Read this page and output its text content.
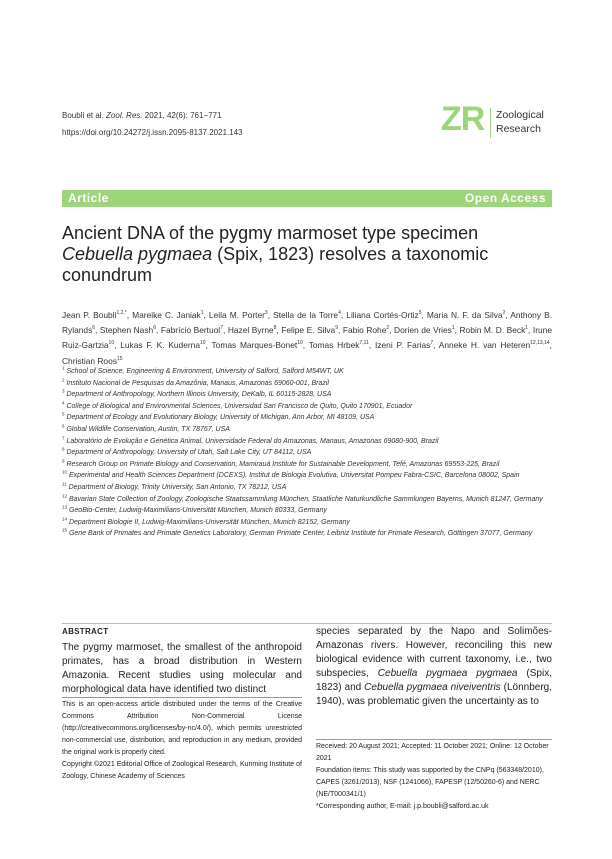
Boubli et al. Zool. Res. 2021, 42(6): 761−771
https://doi.org/10.24272/j.issn.2095-8137.2021.143	ZR Zoological
Research
Article	Open Access
Ancient DNA of the pygmy marmoset type specimen
Cebuella pygmaea (Spix, 1823) resolves a taxonomic
conundrum
Jean P. Boubli$^{1,2,*}$, Mareike C. Janiak$^1$, Leila M. Porter$^3$, Stella de la Torre$^4$, Liliana Cortés-Ortiz$^5$, Maria N. F. da Silva$^2$, Anthony B. Rylands$^6$, Stephen Nash$^6$, Fabrício Bertuol$^7$, Hazel Byrne$^8$, Felipe E. Silva$^9$, Fabio Rohe$^2$, Dorien de Vries$^1$, Robin M. D. Beck$^1$, Irune Ruiz-Gartzia$^{10}$, Lukas F. K. Kuderna$^{10}$, Tomas Marques-Bonet$^{10}$, Tomas Hrbek$^{7,11}$, Izeni P. Farias$^7$, Anneke H. van Heteren$^{12,13,14}$, Christian Roos$^{15}$
$^1$ School of Science, Engineering & Environment, University of Salford, Salford M54WT, UK
$^2$ Instituto Nacional de Pesquisas da Amazônia, Manaus, Amazonas 69060-001, Brazil
$^3$ Department of Anthropology, Northern Illinois University, DeKalb, IL 60115-2828, USA
$^4$ College of Biological and Environmental Sciences, Universidad San Francisco de Quito, Quito 170901, Ecuador
$^5$ Department of Ecology and Evolutionary Biology, University of Michigan, Ann Arbor, MI 48109, USA
$^6$ Global Wildlife Conservation, Austin, TX 78767, USA
$^7$ Laboratório de Evolução e Genética Animal, Universidade Federal do Amazonas, Manaus, Amazonas 69080-900, Brazil
$^8$ Department of Anthropology, University of Utah, Salt Lake City, UT 84112, USA
$^9$ Research Group on Primate Biology and Conservation, Mamirauá Institute for Sustainable Development, Tefé, Amazonas 69553-225, Brazil
$^{10}$ Experimental and Health Sciences Department (DCEXS), Institut de Biologia Evolutiva, Universitat Pompeu Fabra-CSIC, Barcelona 08002, Spain
$^{11}$ Department of Biology, Trinity University, San Antonio, TX 78212, USA
$^{12}$ Bavarian State Collection of Zoology, Zoologische Staatssammlung München, Staatliche Naturkundliche Sammlungen Bayerns, Munich 81247, Germany
$^{13}$ GeoBio-Center, Ludwig-Maximilians-Universität München, Munich 80333, Germany
$^{14}$ Department Biologie II, Ludwig-Maximilians-Universität München, Munich 82152, Germany
$^{15}$ Gene Bank of Primates and Primate Genetics Laboratory, German Primate Center, Leibniz Institute for Primate Research, Göttingen 37077, Germany
ABSTRACT
The pygmy marmoset, the smallest of the anthropoid primates, has a broad distribution in Western Amazonia. Recent studies using molecular and morphological data have identified two distinct
species separated by the Napo and Solimões-Amazonas rivers. However, reconciling this new biological evidence with current taxonomy, i.e., two subspecies, Cebuella pygmaea pygmaea (Spix, 1823) and Cebuella pygmaea niveiventris (Lönnberg, 1940), was problematic given the uncertainty as to

This is an open-access article distributed under the terms of the Creative Commons Attribution Non-Commercial License (http://creativecommons.org/licenses/by-nc/4.0/), which permits unrestricted non-commercial use, distribution, and reproduction in any medium, provided the original work is properly cited.

Copyright ©2021 Editorial Office of Zoological Research, Kunming Institute of Zoology, Chinese Academy of Sciences

Received: 20 August 2021; Accepted: 11 October 2021; Online: 12 October 2021

Foundation items: This study was supported by the CNPq (563348/2010), CAPES (3261/2013), NSF (1241066), FAPESP (12/50260-6) and NERC (NE/T000341/1)

*Corresponding author, E-mail: j.p.boubli@salford.ac.uk
